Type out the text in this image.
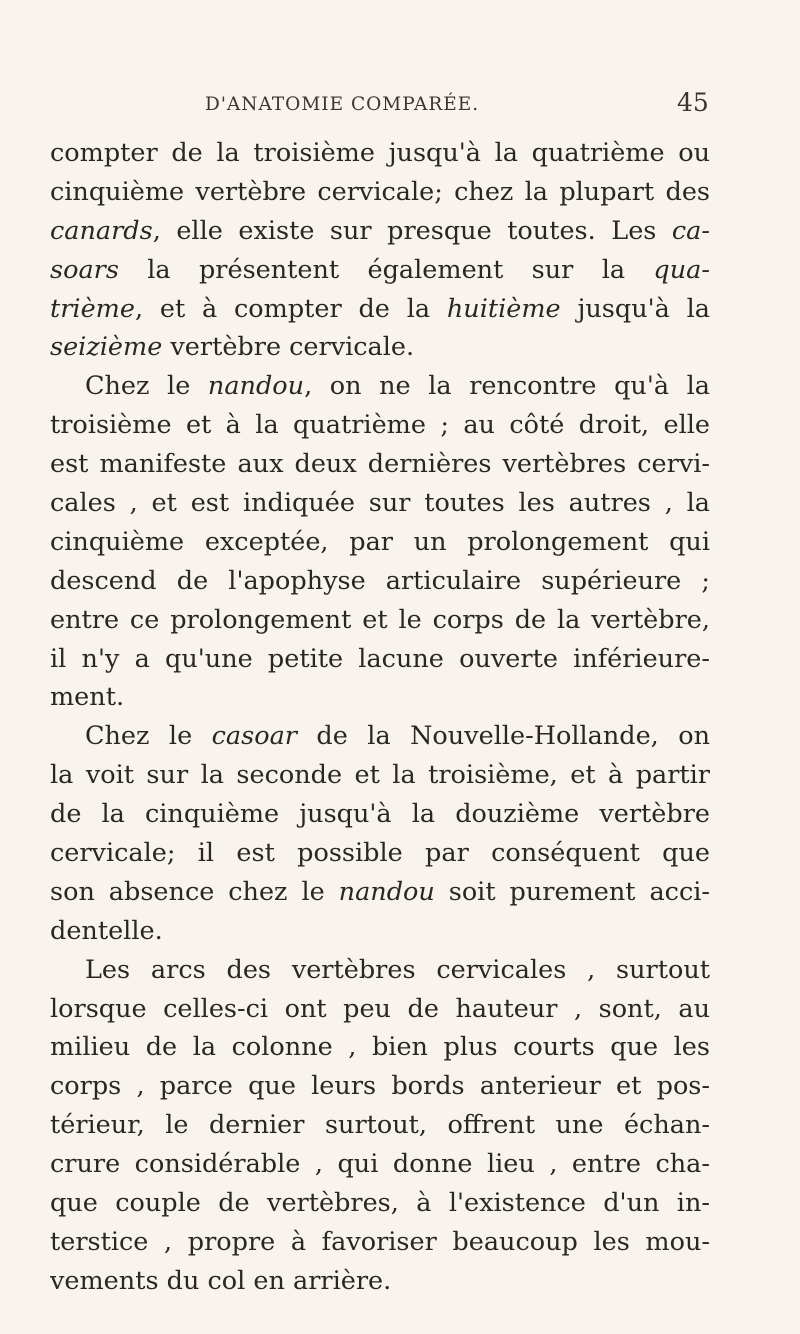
D'ANATOMIE COMPARÉE.	45
compter de la troisième jusqu'à la quatrième ou
cinquième vertèbre cervicale; chez la plupart des
canards, elle existe sur presque toutes. Les ca-
soars la présentent également sur la qua-
trième, et à compter de la huitième jusqu'à la
seizième vertèbre cervicale.
Chez le nandou, on ne la rencontre qu'à la
troisième et à la quatrième ; au côté droit, elle
est manifeste aux deux dernières vertèbres cervi-
cales , et est indiquée sur toutes les autres , la
cinquième exceptée, par un prolongement qui
descend de l'apophyse articulaire supérieure ;
entre ce prolongement et le corps de la vertèbre,
il n'y a qu'une petite lacune ouverte inférieure-
ment.
Chez le casoar de la Nouvelle-Hollande, on
la voit sur la seconde et la troisième, et à partir
de la cinquième jusqu'à la douzième vertèbre
cervicale; il est possible par conséquent que
son absence chez le nandou soit purement acci-
dentelle.
Les arcs des vertèbres cervicales , surtout
lorsque celles-ci ont peu de hauteur , sont, au
milieu de la colonne , bien plus courts que les
corps , parce que leurs bords anterieur et pos-
térieur, le dernier surtout, offrent une échan-
crure considérable , qui donne lieu , entre cha-
que couple de vertèbres, à l'existence d'un in-
terstice , propre à favoriser beaucoup les mou-
vements du col en arrière.
